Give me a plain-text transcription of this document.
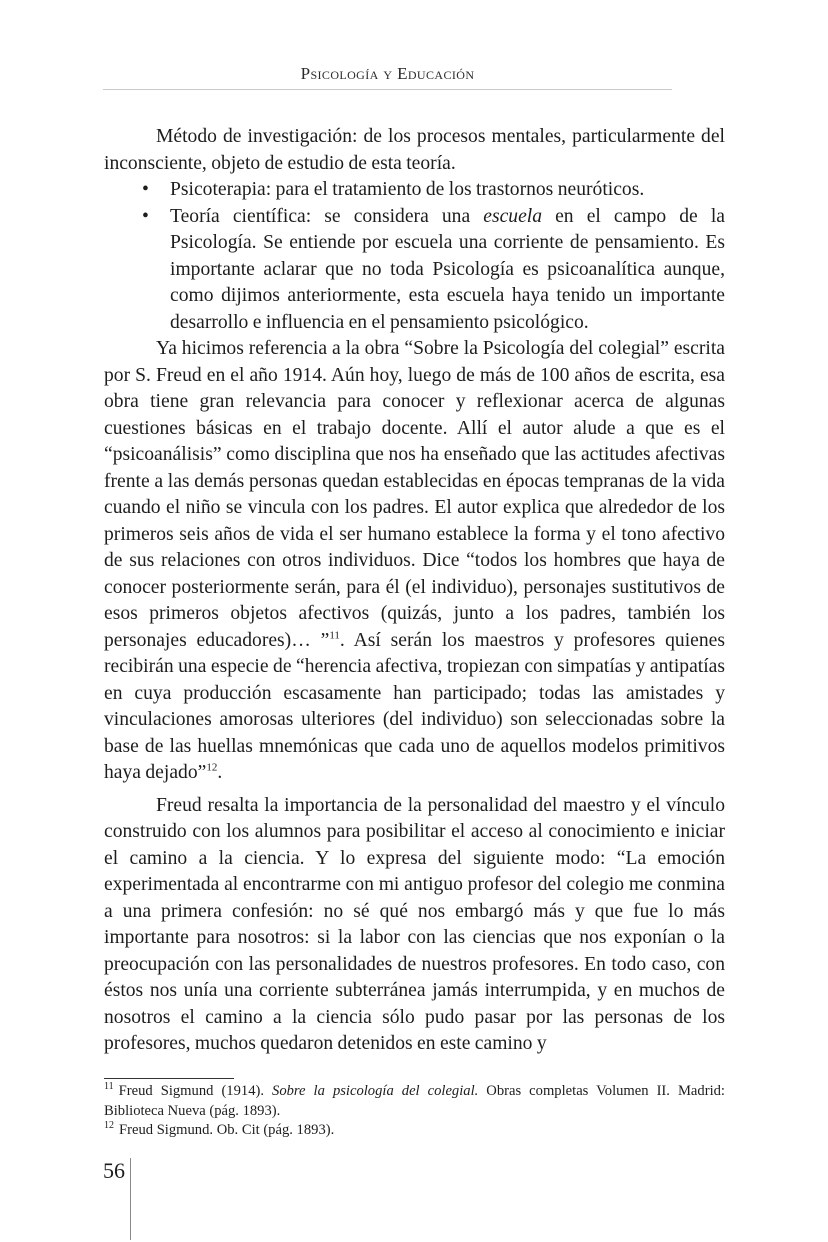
Psicología y Educación

Método de investigación: de los procesos mentales, particularmente del inconsciente, objeto de estudio de esta teoría.

• Psicoterapia: para el tratamiento de los trastornos neuróticos.
• Teoría científica: se considera una escuela en el campo de la Psicología. Se entiende por escuela una corriente de pensamiento. Es importante aclarar que no toda Psicología es psicoanalítica aunque, como dijimos anteriormente, esta escuela haya tenido un importante desarrollo e influencia en el pensamiento psicológico.

Ya hicimos referencia a la obra “Sobre la Psicología del colegial” escrita por S. Freud en el año 1914. Aún hoy, luego de más de 100 años de escrita, esa obra tiene gran relevancia para conocer y reflexionar acerca de algunas cuestiones básicas en el trabajo docente. Allí el autor alude a que es el “psicoanálisis” como disciplina que nos ha enseñado que las actitudes afectivas frente a las demás personas quedan establecidas en épocas tempranas de la vida cuando el niño se vincula con los padres. El autor explica que alrededor de los primeros seis años de vida el ser humano establece la forma y el tono afectivo de sus relaciones con otros individuos. Dice “todos los hombres que haya de conocer posteriormente serán, para él (el individuo), personajes sustitutivos de esos primeros objetos afectivos (quizás, junto a los padres, también los personajes educadores)… ”$^{11}$. Así serán los maestros y profesores quienes recibirán una especie de “herencia afectiva, tropiezan con simpatías y antipatías en cuya producción escasamente han participado; todas las amistades y vinculaciones amorosas ulteriores (del individuo) son seleccionadas sobre la base de las huellas mnemónicas que cada uno de aquellos modelos primitivos haya dejado”$^{12}$.

Freud resalta la importancia de la personalidad del maestro y el vínculo construido con los alumnos para posibilitar el acceso al conocimiento e iniciar el camino a la ciencia. Y lo expresa del siguiente modo: “La emoción experimentada al encontrarme con mi antiguo profesor del colegio me conmina a una primera confesión: no sé qué nos embargó más y que fue lo más importante para nosotros: si la labor con las ciencias que nos exponían o la preocupación con las personalidades de nuestros profesores. En todo caso, con éstos nos unía una corriente subterránea jamás interrumpida, y en muchos de nosotros el camino a la ciencia sólo pudo pasar por las personas de los profesores, muchos quedaron detenidos en este camino y

$^{11}$ Freud Sigmund (1914). Sobre la psicología del colegial. Obras completas Volumen II. Madrid: Biblioteca Nueva (pág. 1893).

$^{12}$ Freud Sigmund. Ob. Cit (pág. 1893).

56
